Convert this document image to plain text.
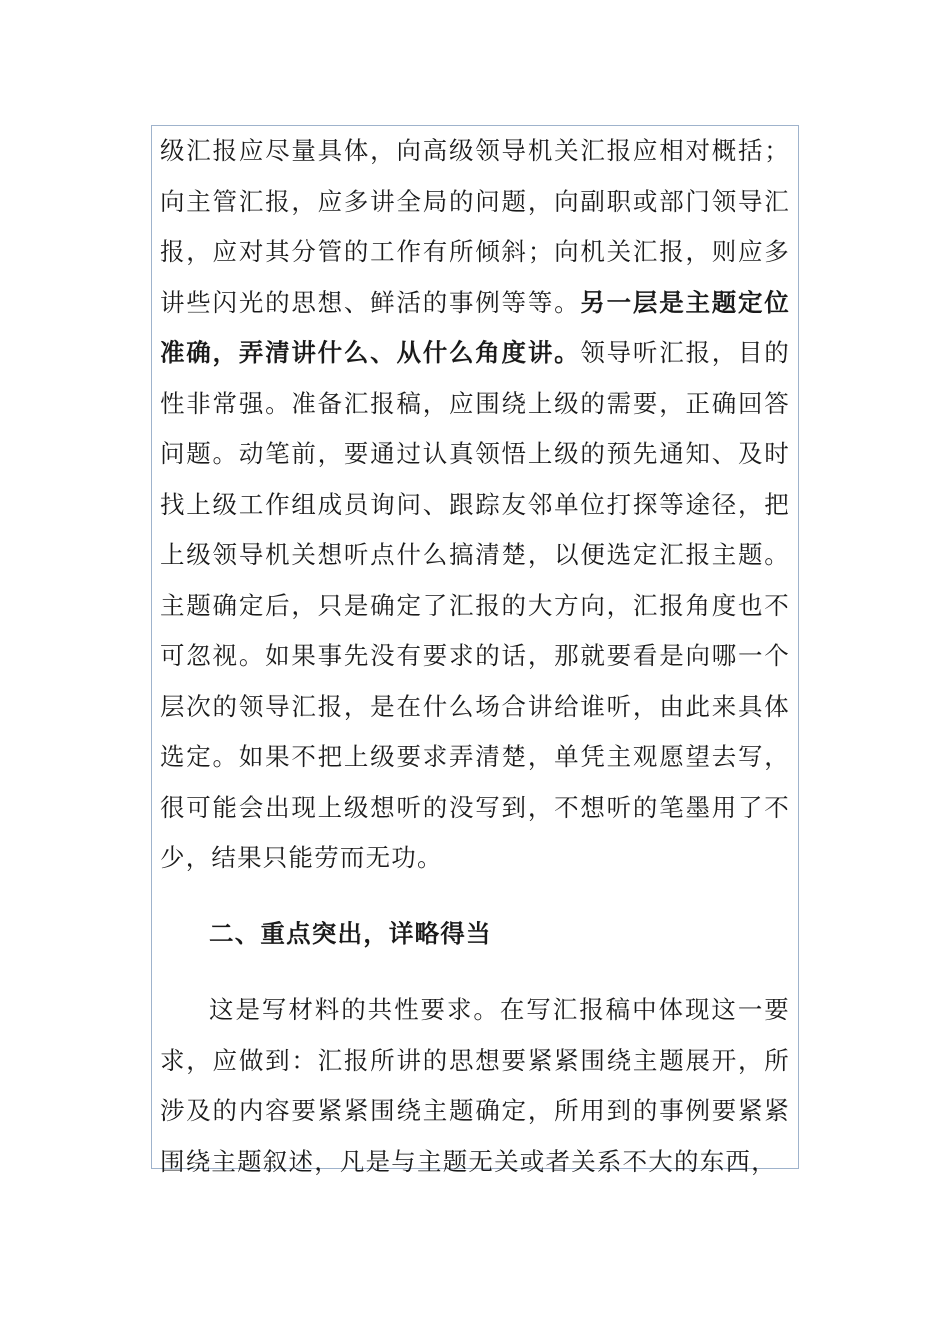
级汇报应尽量具体，向高级领导机关汇报应相对概括；向主管汇报，应多讲全局的问题，向副职或部门领导汇报，应对其分管的工作有所倾斜；向机关汇报，则应多讲些闪光的思想、鲜活的事例等等。另一层是主题定位准确，弄清讲什么、从什么角度讲。领导听汇报，目的性非常强。准备汇报稿，应围绕上级的需要，正确回答问题。动笔前，要通过认真领悟上级的预先通知、及时找上级工作组成员询问、跟踪友邻单位打探等途径，把上级领导机关想听点什么搞清楚，以便选定汇报主题。主题确定后，只是确定了汇报的大方向，汇报角度也不可忽视。如果事先没有要求的话，那就要看是向哪一个层次的领导汇报，是在什么场合讲给谁听，由此来具体选定。如果不把上级要求弄清楚，单凭主观愿望去写，很可能会出现上级想听的没写到，不想听的笔墨用了不少，结果只能劳而无功。

二、重点突出，详略得当

这是写材料的共性要求。在写汇报稿中体现这一要求，应做到：汇报所讲的思想要紧紧围绕主题展开，所涉及的内容要紧紧围绕主题确定，所用到的事例要紧紧围绕主题叙述，凡是与主题无关或者关系不大的东西，
